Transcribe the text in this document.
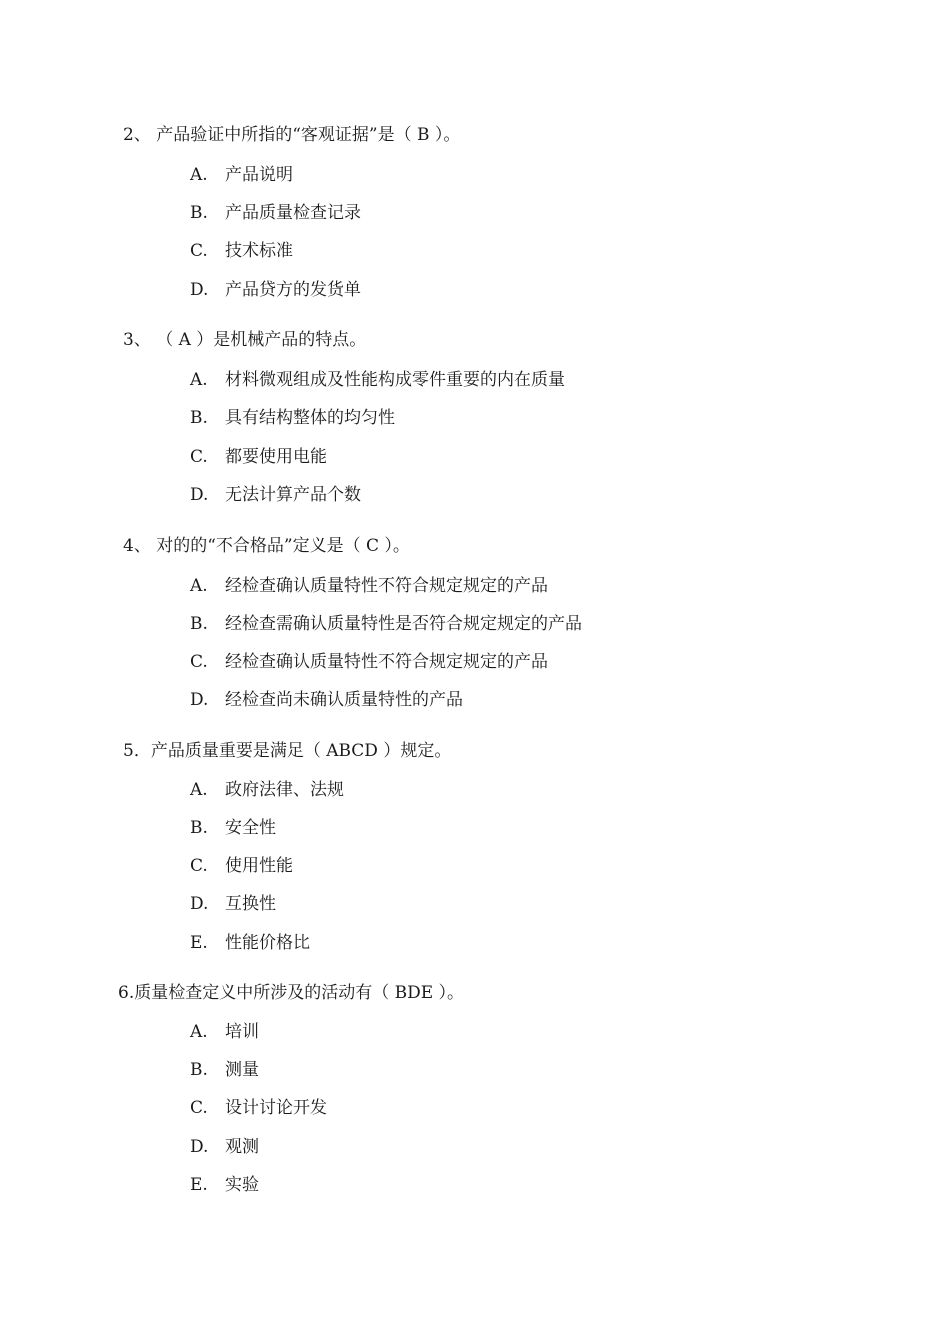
2、 产品验证中所指的“客观证据”是（ B ）。
A.	产品说明
B.	产品质量检查记录
C.	技术标准
D. 产品贷方的发货单
3、 （ A ）是机械产品的特点。
A.	材料微观组成及性能构成零件重要的内在质量
B.	具有结构整体的均匀性
C.	都要使用电能
D. 无法计算产品个数
4、 对的的“不合格品”定义是（ C ）。
A.	经检查确认质量特性不符合规定规定的产品
B.	经检查需确认质量特性是否符合规定规定的产品
C.	经检查确认质量特性不符合规定规定的产品
D. 经检查尚未确认质量特性的产品
5．产品质量重要是满足（ ABCD ）规定。
A.	政府法律、法规
B.	安全性
C.	使用性能
D. 互换性
E.	性能价格比
6.质量检查定义中所涉及的活动有（ BDE ）。
A.	培训
B.	测量
C.	设计讨论开发
D. 观测
E.	实验
